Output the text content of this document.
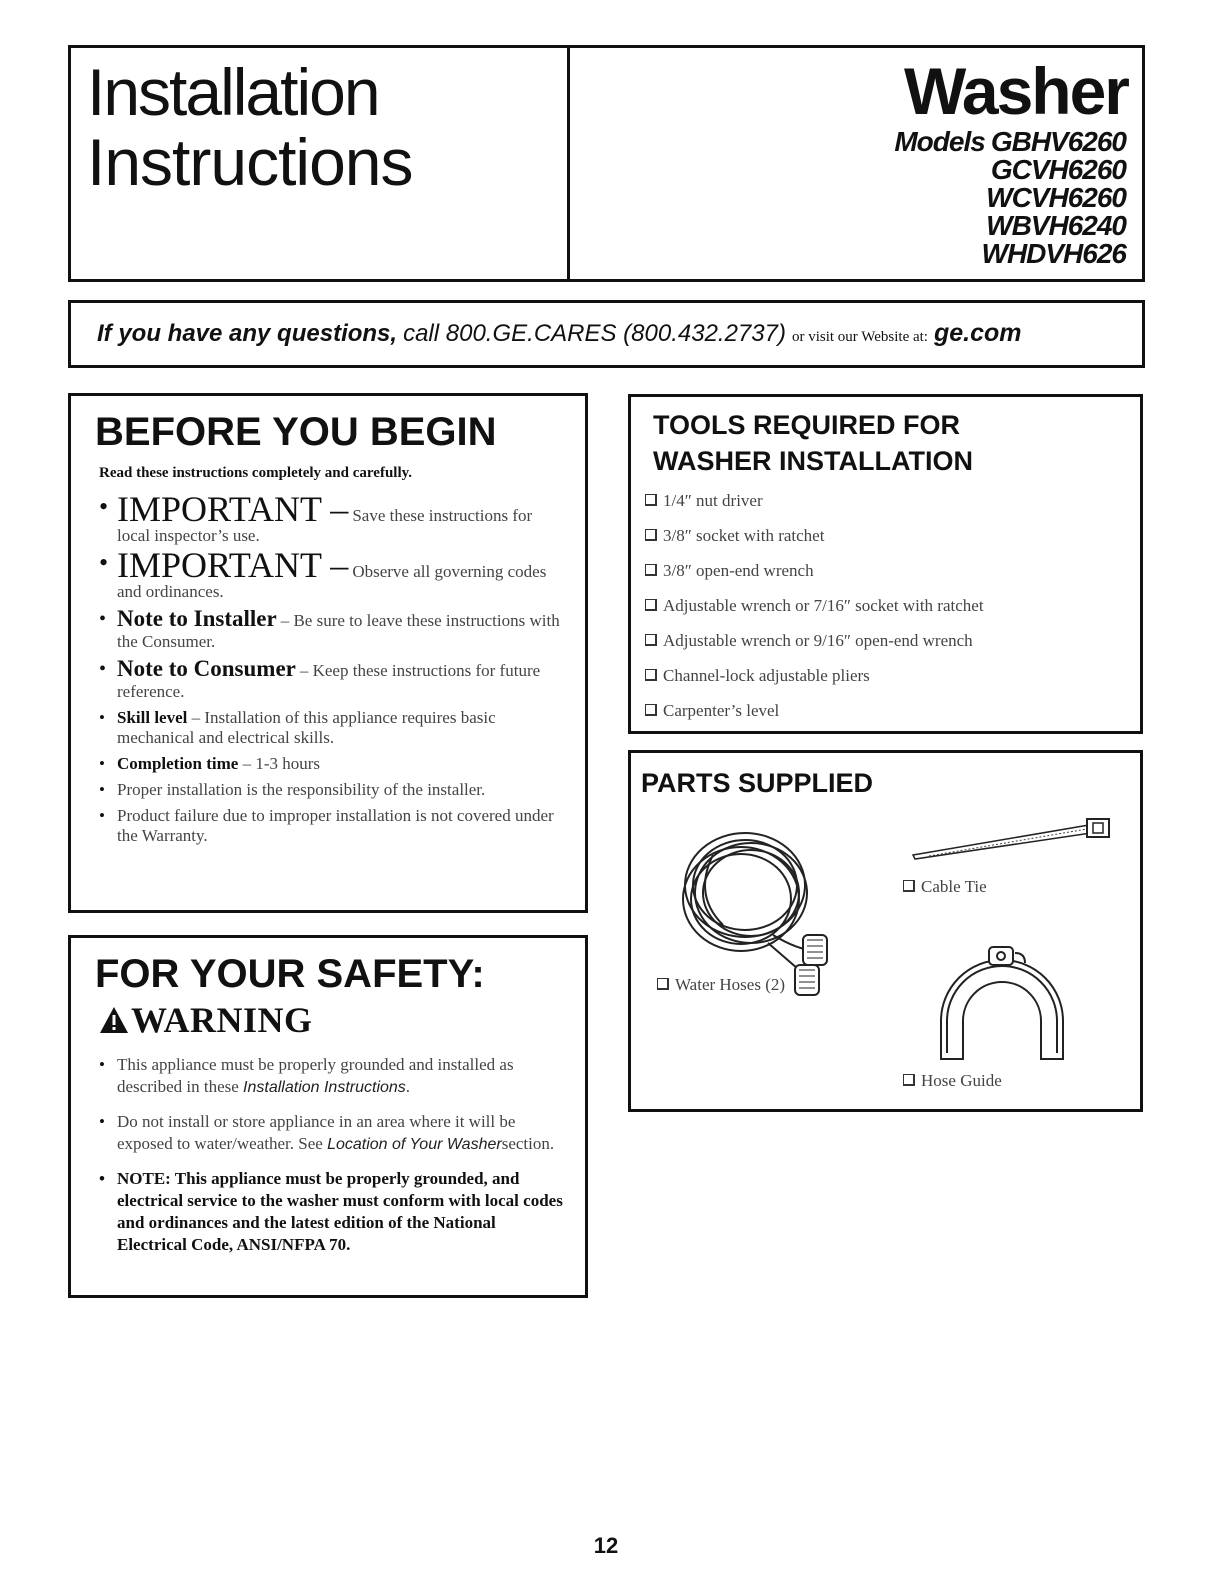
Installation
Instructions
Washer
Models GBHV6260
GCVH6260
WCVH6260
WBVH6240
WHDVH626
If you have any questions, call 800.GE.CARES (800.432.2737) or visit our Website at: ge.com
BEFORE YOU BEGIN
Read these instructions completely and carefully.
• IMPORTANT – Save these instructions for local inspector’s use.
• IMPORTANT – Observe all governing codes and ordinances.
• Note to Installer – Be sure to leave these instructions with the Consumer.
• Note to Consumer – Keep these instructions for future reference.
• Skill level – Installation of this appliance requires basic mechanical and electrical skills.
• Completion time – 1-3 hours
• Proper installation is the responsibility of the installer.
• Product failure due to improper installation is not covered under the Warranty.
FOR YOUR SAFETY:
WARNING
• This appliance must be properly grounded and installed as described in these Installation Instructions.
• Do not install or store appliance in an area where it will be exposed to water/weather. See Location of Your Washersection.
• NOTE: This appliance must be properly grounded, and electrical service to the washer must conform with local codes and ordinances and the latest edition of the National Electrical Code, ANSI/NFPA 70.
TOOLS REQUIRED FOR
WASHER INSTALLATION
1/4″ nut driver
3/8″ socket with ratchet
3/8″ open-end wrench
Adjustable wrench or 7/16″ socket with ratchet
Adjustable wrench or 9/16″ open-end wrench
Channel-lock adjustable pliers
Carpenter’s level
PARTS SUPPLIED
Cable Tie
Water Hoses (2)
Hose Guide
12
